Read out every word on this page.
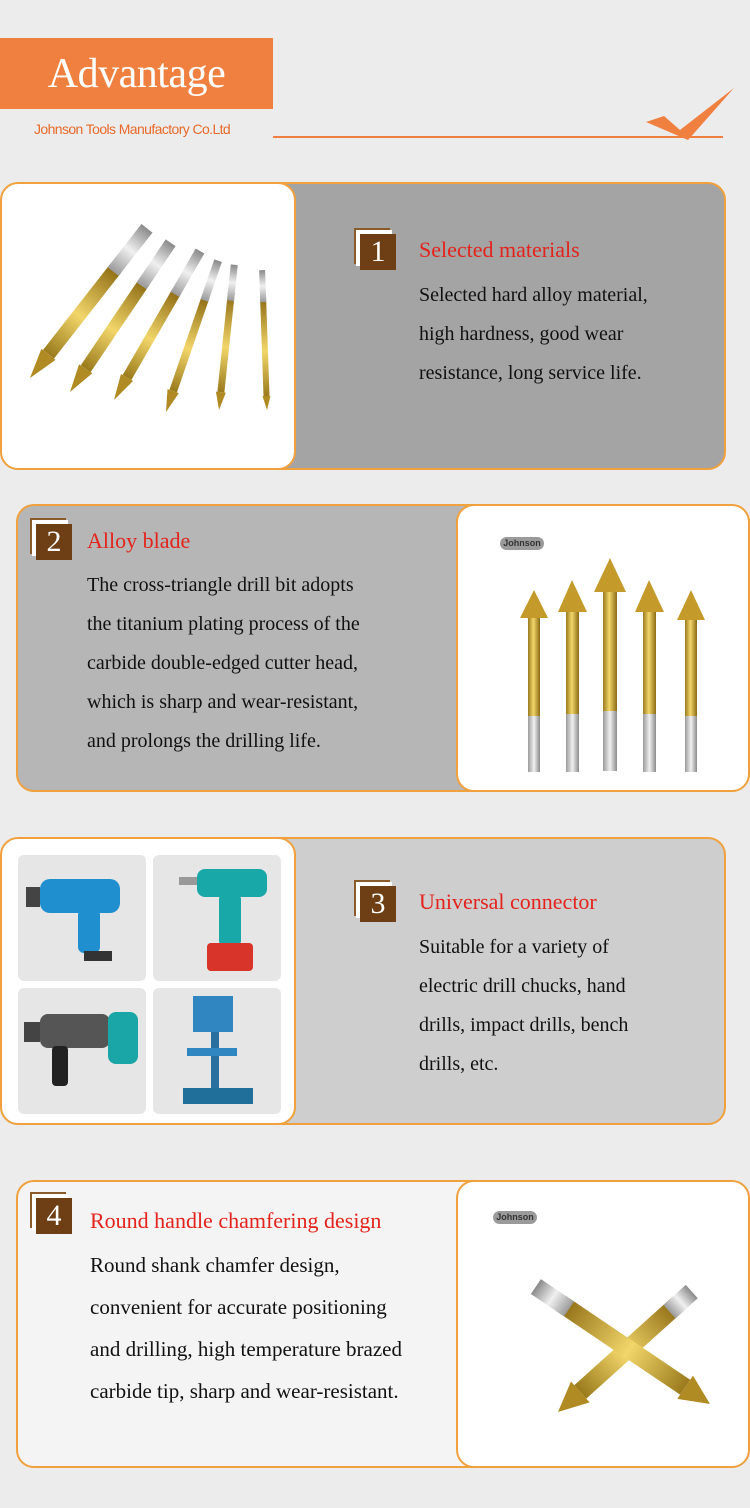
Advantage
Johnson Tools Manufactory Co.Ltd
1	Selected materials
Selected hard alloy material,
high hardness, good wear
resistance, long service life.
Johnson
2	Alloy blade
The cross-triangle drill bit adopts
the titanium plating process of the
carbide double-edged cutter head,
which is sharp and wear-resistant,
and prolongs the drilling life.
3	Universal connector
Suitable for a variety of
electric drill chucks, hand
drills, impact drills, bench
drills, etc.
Johnson
4	Round handle chamfering design
Round shank chamfer design,
convenient for accurate positioning
and drilling, high temperature brazed
carbide tip, sharp and wear-resistant.
